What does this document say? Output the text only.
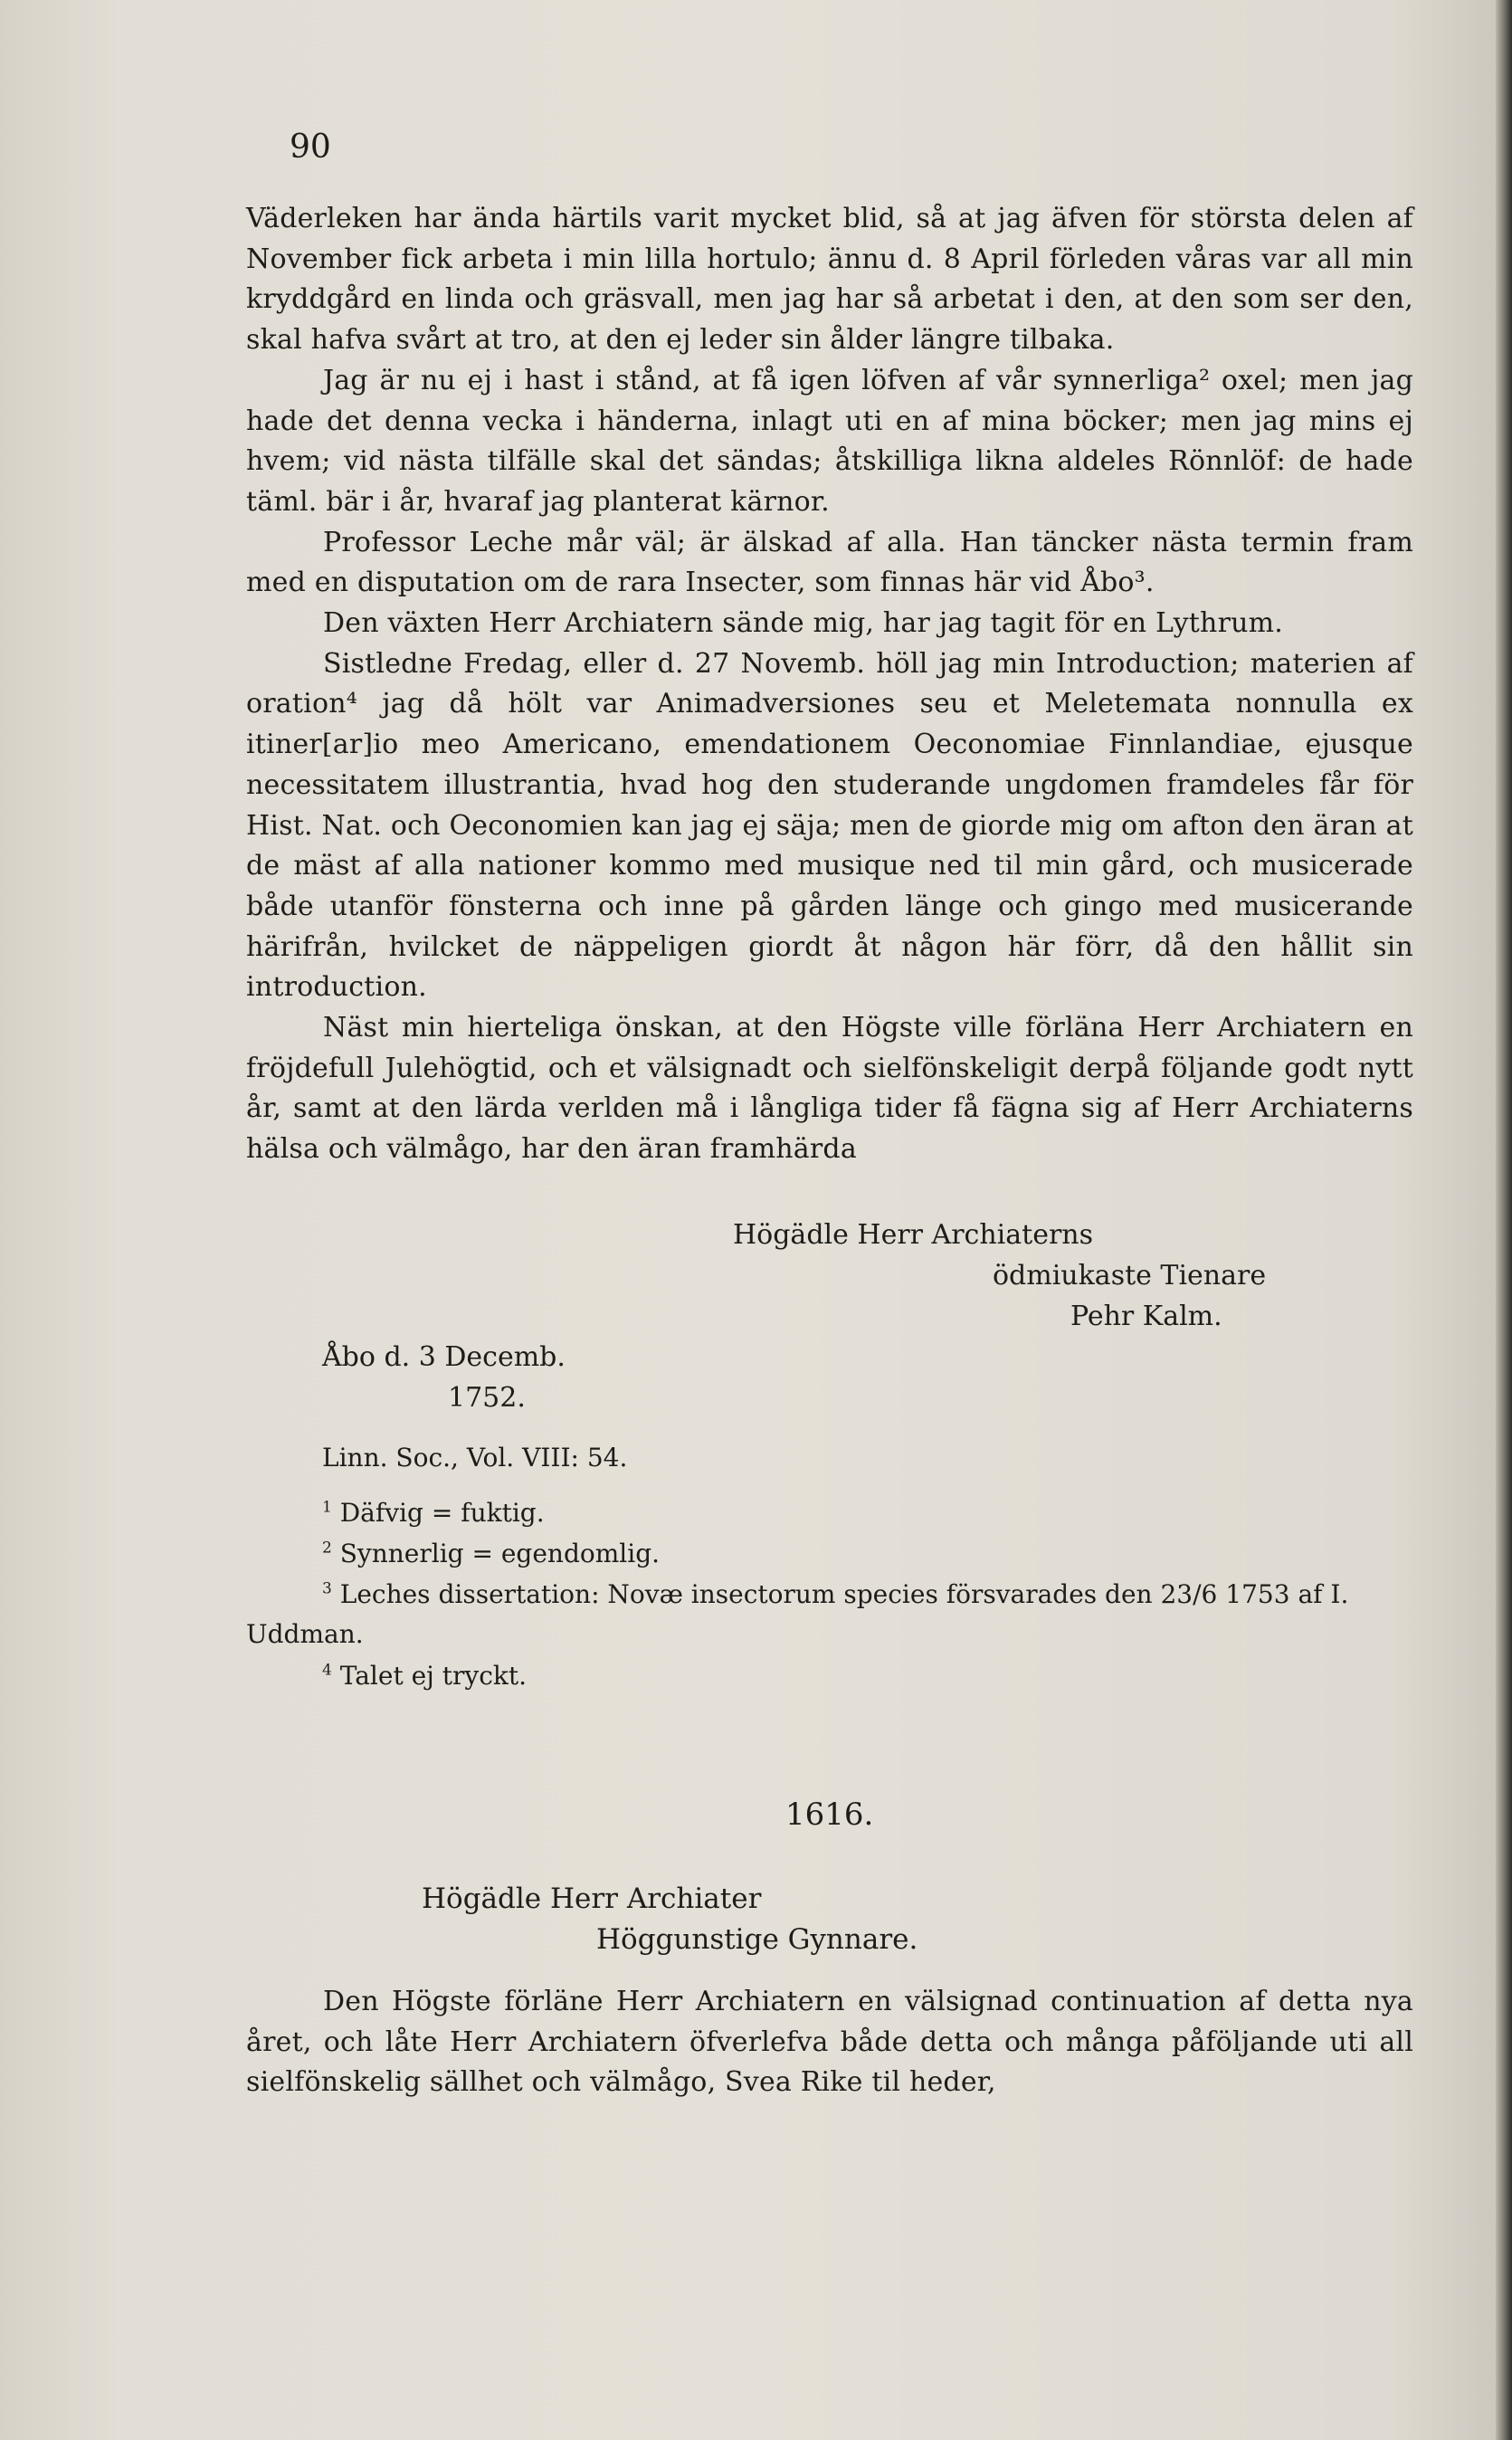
90

Väderleken har ända härtils varit mycket blid, så at jag äfven för största delen af November fick arbeta i min lilla hortulo; ännu d. 8 April förleden våras var all min kryddgård en linda och gräsvall, men jag har så arbetat i den, at den som ser den, skal hafva svårt at tro, at den ej leder sin ålder längre tilbaka.

Jag är nu ej i hast i stånd, at få igen löfven af vår synnerliga² oxel; men jag hade det denna vecka i händerna, inlagt uti en af mina böcker; men jag mins ej hvem; vid nästa tilfälle skal det sändas; åtskilliga likna aldeles Rönnlöf: de hade täml. bär i år, hvaraf jag planterat kärnor.

Professor Leche mår väl; är älskad af alla. Han täncker nästa termin fram med en disputation om de rara Insecter, som finnas här vid Åbo³.

Den växten Herr Archiatern sände mig, har jag tagit för en Lythrum.

Sistledne Fredag, eller d. 27 Novemb. höll jag min Introduction; materien af oration⁴ jag då hölt var Animadversiones seu et Meletemata nonnulla ex itiner[ar]io meo Americano, emendationem Oeconomiae Finnlandiae, ejusque necessitatem illustrantia, hvad hog den studerande ungdomen framdeles får för Hist. Nat. och Oeconomien kan jag ej säja; men de giorde mig om afton den äran at de mäst af alla nationer kommo med musique ned til min gård, och musicerade både utanför fönsterna och inne på gården länge och gingo med musicerande härifrån, hvilcket de näppeligen giordt åt någon här förr, då den hållit sin introduction.

Näst min hierteliga önskan, at den Högste ville förläna Herr Archiatern en fröjdefull Julehögtid, och et välsignadt och sielfönskeligit derpå följande godt nytt år, samt at den lärda verlden må i långliga tider få fägna sig af Herr Archiaterns hälsa och välmågo, har den äran framhärda

Högädle Herr Archiaterns
ödmiukaste Tienare
Pehr Kalm.
Åbo d. 3 Decemb.
1752.
Linn. Soc., Vol. VIII: 54.
$^1$ Däfvig = fuktig.
$^2$ Synnerlig = egendomlig.
$^3$ Leches dissertation: Novæ insectorum species försvarades den 23/6 1753 af I. Uddman.
$^4$ Talet ej tryckt.
1616.
Högädle Herr Archiater
Höggunstige Gynnare.

Den Högste förläne Herr Archiatern en välsignad continuation af detta nya året, och låte Herr Archiatern öfverlefva både detta och många påföljande uti all sielfönskelig sällhet och välmågo, Svea Rike til heder,
